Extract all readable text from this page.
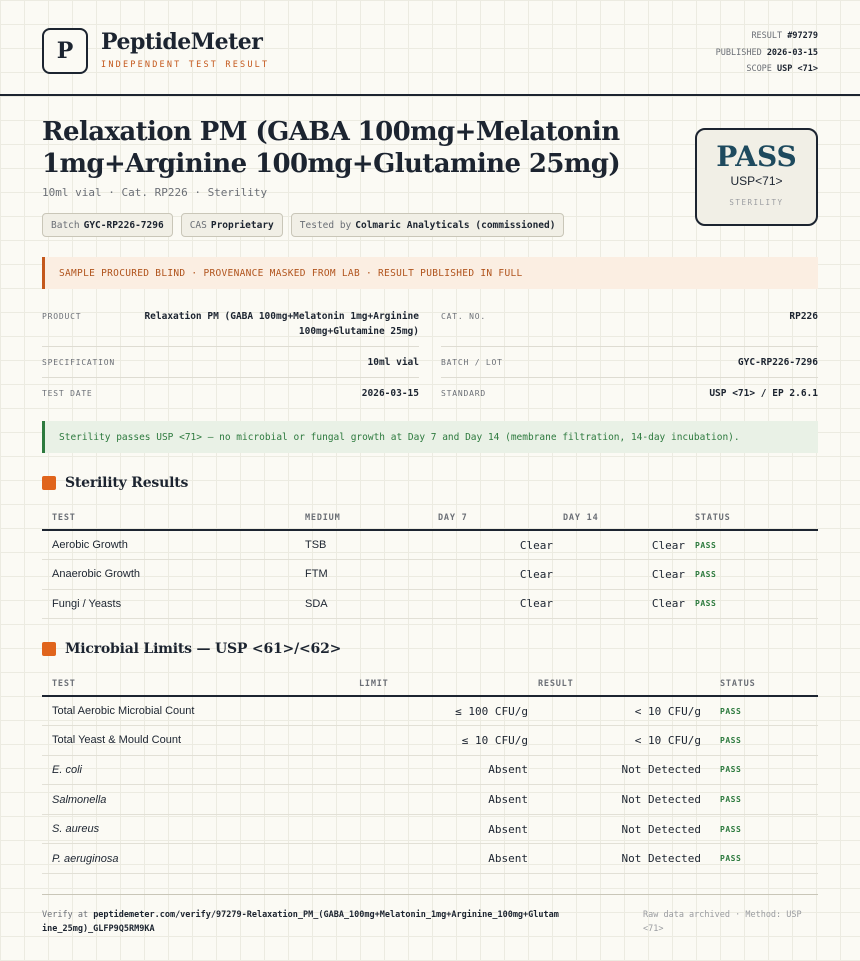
P	PeptideMeter
INDEPENDENT TEST RESULT
RESULT #97279
PUBLISHED 2026-03-15
SCOPE USP <71>
Relaxation PM (GABA 100mg+Melatonin 1mg+Arginine 100mg+Glutamine 25mg)
10ml vial · Cat. RP226 · Sterility
Batch GYC-RP226-7296	CAS Proprietary	Tested by Colmaric Analyticals (commissioned)
PASS
USP<71>
STERILITY
SAMPLE PROCURED BLIND · PROVENANCE MASKED FROM LAB · RESULT PUBLISHED IN FULL
PRODUCT	Relaxation PM (GABA 100mg+Melatonin 1mg+Arginine 100mg+Glutamine 25mg)
CAT. NO.	RP226
SPECIFICATION	10ml vial	BATCH / LOT	GYC-RP226-7296
TEST DATE	2026-03-15	STANDARD	USP <71> / EP 2.6.1
Sterility passes USP <71> — no microbial or fungal growth at Day 7 and Day 14 (membrane filtration, 14-day incubation).
Sterility Results
TEST	MEDIUM	DAY 7	DAY 14	STATUS
Aerobic Growth	TSB	Clear	Clear	PASS
Anaerobic Growth	FTM	Clear	Clear	PASS
Fungi / Yeasts	SDA	Clear	Clear	PASS
Microbial Limits — USP <61>/<62>
TEST	LIMIT	RESULT	STATUS
Total Aerobic Microbial Count	≤ 100 CFU/g	< 10 CFU/g	PASS
Total Yeast & Mould Count	≤ 10 CFU/g	< 10 CFU/g	PASS
E. coli	Absent	Not Detected	PASS
Salmonella	Absent	Not Detected	PASS
S. aureus	Absent	Not Detected	PASS
P. aeruginosa	Absent	Not Detected	PASS
Verify at peptidemeter.com/verify/97279-Relaxation_PM_(GABA_100mg+Melatonin_1mg+Arginine_100mg+Glutamine_25mg)_GLFP9Q5RM9KA
Raw data archived · Method: USP <71>
